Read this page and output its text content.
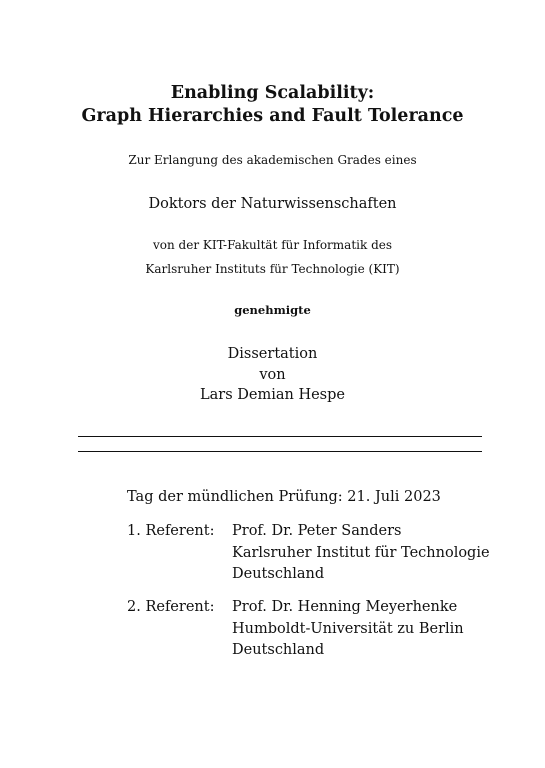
Enabling Scalability:
Graph Hierarchies and Fault Tolerance
Zur Erlangung des akademischen Grades eines
Doktors der Naturwissenschaften
von der KIT-Fakultät für Informatik des
Karlsruher Instituts für Technologie (KIT)
genehmigte
Dissertation
von
Lars Demian Hespe
Tag der mündlichen Prüfung: 21. Juli 2023
1. Referent: Prof. Dr. Peter Sanders
Karlsruher Institut für Technologie
Deutschland
2. Referent: Prof. Dr. Henning Meyerhenke
Humboldt-Universität zu Berlin
Deutschland
